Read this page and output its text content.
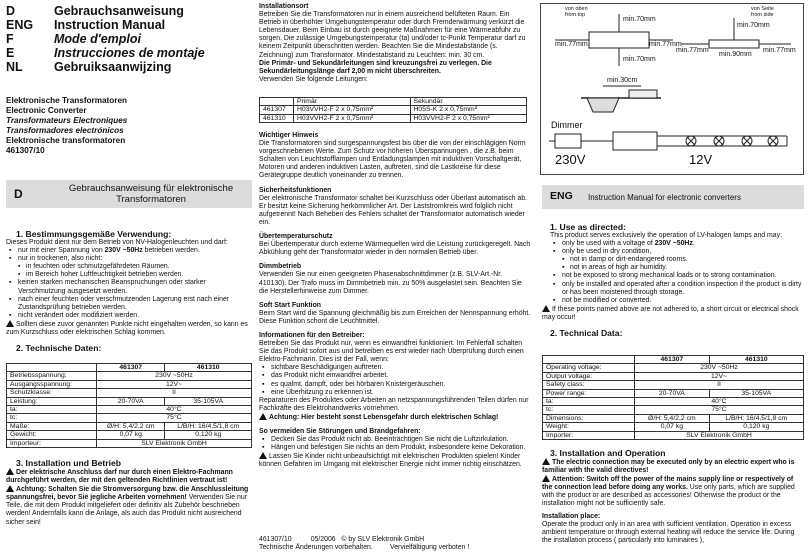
D	Gebrauchsanweisung
ENG Instruction Manual
F	Mode d'emploi
E	Instrucciones de montaje
NL	Gebruiksaanwijzing
Elektronische Transformatoren
Electronic Converter
Transformateurs Electroniques
Transformadores electrónicos
Elektronische transformatoren
461307/10
D	Gebrauchsanweisung für elektronische Transformatoren
1. Bestimmungsgemäße Verwendung:
Dieses Produkt dient nur dem Betrieb von NV-Halogenleuchten und darf:
▪ nur mit einer Spannung von 230V ~50Hz betrieben werden.
▪ nur in trockenen, also nicht:
▪ in feuchten oder schmutzgefährdeten Räumen.
▪ im Bereich hoher Luftfeuchtigkeit betrieben werden.
▪ keinen starken mechanischen Beanspruchungen oder starker Verschmutzung ausgesetzt werden.
▪ nach einer feuchten oder verschmutzenden Lagerung erst nach einer Zustandsprüfung betrieben werden.
▪ nicht verändert oder modifiziert werden.
Sollten diese zuvor genannten Punkte nicht eingehalten werden, so kann es zum Kurzschluss oder elektrischen Schlag kommen.
2. Technische Daten:
	461307	461310
Betriebsspannung:	230V ~50Hz	
Ausgangsspannung:	12V~	
Schutzklasse:	II	
Leistung:	20-70VA	35-105VA
ta:	40°C	
tc:	75°C	
Maße:	Ø/H: 5,4/2,2 cm	L/B/H: 16/4,5/1,8 cm
Gewicht:	0,07 kg	0,120 kg
Importeur:	SLV Elektronik GmbH	
3. Installation und Betrieb
Der elektrische Anschluss darf nur durch einen Elektro-Fachmann durchgeführt werden, der mit den geltenden Richtlinien vertraut ist!
Achtung: Schalten Sie die Stromversorgung bzw. die Anschlussleitung spannungsfrei, bevor Sie jegliche Arbeiten vornehmen! Verwenden Sie nur Teile, die mit dem Produkt mitgeliefert oder definitiv als Zubehör beschrieben werden! Andernfalls kann die Anlage, als auch das Produkt nicht ausreichend sicher sein!
Installationsort
Betreiben Sie die Transformatoren nur in einem ausreichend belüfteten Raum. Ein Betrieb in überhöhter Umgebungstemperatur oder durch Fremderwärmung verkürzt die Lebensdauer. Beim Einbau ist durch geeignete Maßnahmen für eine Wärmeabfuhr zu sorgen. Die zulässige Umgebungstemperatur (ta) und/oder tc-Punkt Temperatur darf zu keinem Zeitpunkt überschritten werden. Beachten Sie die Mindestabstände (s. Zeichnung) zum Transformator. Mindestabstand zu Leuchten: min. 30 cm.
Die Primär- und Sekundärleitungen sind kreuzungsfrei zu verlegen. Die Sekundärleitungslänge darf 2,00 m nicht überschreiten.
Verwenden Sie folgende Leitungen:
	Primär	Sekundär
461307	H03VVH2-F 2 x 0,75mm²	H05S-K 2 x 0,75mm²
461310	H03VVH2-F 2 x 0,75mm²	H03VVH2-F 2 x 0,75mm²
Wichtiger Hinweis
Die Transformatoren sind surgespannungsfest bis über die von der einschlägigen Norm vorgeschriebenen Werte. Zum Schutz vor höheren Überspannungen , die z.B. beim Schalten von Leuchtstofflampen und Entladungslampen mit induktiven Vorschaltgerät, Motoren und anderen induktiven Lasten, auftreten, sind die Lastkreise für diese Gerätegruppe deutlich voneinander zu trennen.
Sicherheitsfunktionen
Der elektronische Transformator schaltet bei Kurzschluss oder Überlast automatisch ab. Er besitzt keine Sicherung herkömmlicher Art. Der Laststromkreis wird folglich nicht aufgetrennt! Nach Beheben des Fehlers schaltet der Transformator automatisch wieder ein.
Übertemperaturschutz
Bei Übertemperatur durch externe Wärmequellen wird die Leistung zurückgeregelt. Nach Abkühlung geht der Transformator wieder in den normalen Betrieb über.
Dimmbetrieb
Verwenden Sie nur einen geeigneten Phasenabschnittdimmer (z.B. SLV-Art.-Nr. 410130). Der Trafo muss im Dimmbetrieb min. zu 50% ausgelastet sein. Beachten Sie die Herstellerhinweise zum Dimmer.
Soft Start Funktion
Beim Start wird die Spannung gleichmäßig bis zum Erreichen der Nennspannung erhöht. Diese Funktion schont die Leuchtmittel.
Informationen für den Betreiber:
Betreiben Sie das Produkt nur, wenn es einwandfrei funktioniert. Im Fehlerfall schalten Sie das Produkt sofort aus und betreiben es erst wieder nach Überprüfung durch einen Elektro-Fachmann. Dies ist der Fall, wenn:
▪ sichtbare Beschädigungen auftreten.
▪ das Produkt nicht einwandfrei arbeitet.
▪ es qualmt, dampft, oder bei hörbaren Knistergeräuschen.
▪ eine Überhitzung zu erkennen ist.
Reparaturen des Produktes oder Arbeiten an netzspannungsführenden Teilen dürfen nur Fachkräfte des Elektrohandwerks vornehmen.
Achtung: Hier besteht sonst Lebensgefahr durch elektrischen Schlag!
So vermeiden Sie Störungen und Brandgefahren:
▪ Decken Sie das Produkt nicht ab. Beeinträchtigen Sie nicht die Luftzirkulation.
▪ Hängen und befestigen Sie nichts an dem Produkt, insbesondere keine Dekoration.
Lassen Sie Kinder nicht unbeaufsichtigt mit elektrischen Produkten spielen! Kinder können Gefahren im Umgang mit elektrischer Energie nicht immer richtig einschätzen.
461307/10          05/2006   © by SLV Elektronik GmbH
Technische Änderungen vorbehalten.         Vervielfältigung verboten !
von oben
from top
von Seite
from side
min.70mm
min.70mm
min.77mm	min.77mm
min.70mm
min.77mm
min.90mm
min.77mm
min.30cm
Dimmer
230V	12V
ENG Instruction Manual for electronic converters
1. Use as directed:
This product serves exclusively the operation of LV-halogen lamps and may:
▪ only be used with a voltage of 230V ~50Hz.
▪ only be used in dry condition,
▪ not in damp or dirt-endangered rooms.
▪ not in areas of high air humidity.
▪ not be exposed to strong mechanical loads or to strong contamination.
▪ only be installed and operated after a condition inspection if the product is dirty or has been moistened through storage.
▪ not be modified or converted.
If these points named above are not adhered to, a short circuit or electrical shock may occur!
2. Technical Data:
	461307	461310
Operating voltage:	230V ~50Hz	
Output voltage:	12V~	
Safety class:	II	
Power range:	20-70VA	35-105VA
ta:	40°C	
tc:	75°C	
Dimensions:	Ø/H: 5,4/2,2 cm	L/B/H: 16/4,5/1,8 cm
Weight:	0,07 kg	0,120 kg
Importer:	SLV Elektronik GmbH	
3. Installation and Operation
The electric connection may be executed only by an electric expert who is familiar with the valid directives!
Attention: Switch off the power of the mains supply line or respectively of the connection lead before doing any works. Use only parts, which are supplied with the product or are described as accessories! Otherwise the product or the installation might not be sufficiently safe.
Installation place:
Operate the product only in an area with sufficient ventilation. Operation in excess ambient temperature or through external heating will reduce the service life. During the installation process ( particularly into luminaires ),
